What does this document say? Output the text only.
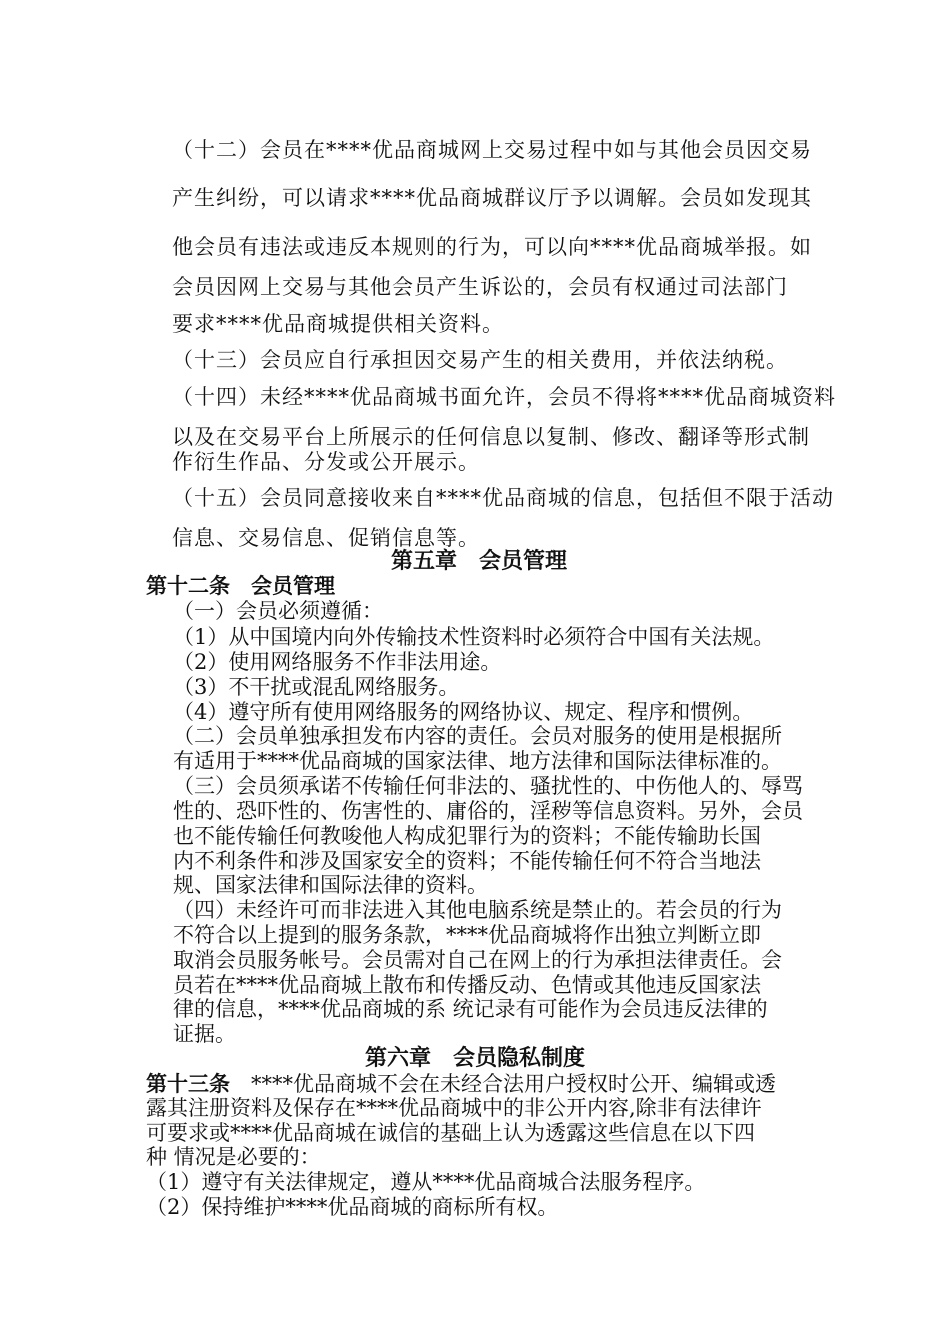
（十二）会员在****优品商城网上交易过程中如与其他会员因交易
产生纠纷，可以请求****优品商城群议厅予以调解。会员如发现其
他会员有违法或违反本规则的行为，可以向****优品商城举报。如
会员因网上交易与其他会员产生诉讼的，会员有权通过司法部门
要求****优品商城提供相关资料。
（十三）会员应自行承担因交易产生的相关费用，并依法纳税。
（十四）未经****优品商城书面允许，会员不得将****优品商城资料
以及在交易平台上所展示的任何信息以复制、修改、翻译等形式制
作衍生作品、分发或公开展示。
（十五）会员同意接收来自****优品商城的信息，包括但不限于活动
信息、交易信息、促销信息等。
第五章　会员管理
第十二条　会员管理
（一）会员必须遵循：
（1）从中国境内向外传输技术性资料时必须符合中国有关法规。
（2）使用网络服务不作非法用途。
（3）不干扰或混乱网络服务。
（4）遵守所有使用网络服务的网络协议、规定、程序和惯例。
（二）会员单独承担发布内容的责任。会员对服务的使用是根据所
有适用于****优品商城的国家法律、地方法律和国际法律标准的。
（三）会员须承诺不传输任何非法的、骚扰性的、中伤他人的、辱骂
性的、恐吓性的、伤害性的、庸俗的，淫秽等信息资料。另外，会员
也不能传输任何教唆他人构成犯罪行为的资料；不能传输助长国
内不利条件和涉及国家安全的资料；不能传输任何不符合当地法
规、国家法律和国际法律的资料。
（四）未经许可而非法进入其他电脑系统是禁止的。若会员的行为
不符合以上提到的服务条款，****优品商城将作出独立判断立即
取消会员服务帐号。会员需对自己在网上的行为承担法律责任。会
员若在****优品商城上散布和传播反动、色情或其他违反国家法
律的信息，****优品商城的系 统记录有可能作为会员违反法律的
证据。
第六章　会员隐私制度
第十三条　****优品商城不会在未经合法用户授权时公开、编辑或透
露其注册资料及保存在****优品商城中的非公开内容,除非有法律许
可要求或****优品商城在诚信的基础上认为透露这些信息在以下四
种 情况是必要的：
（1）遵守有关法律规定，遵从****优品商城合法服务程序。
（2）保持维护****优品商城的商标所有权。
